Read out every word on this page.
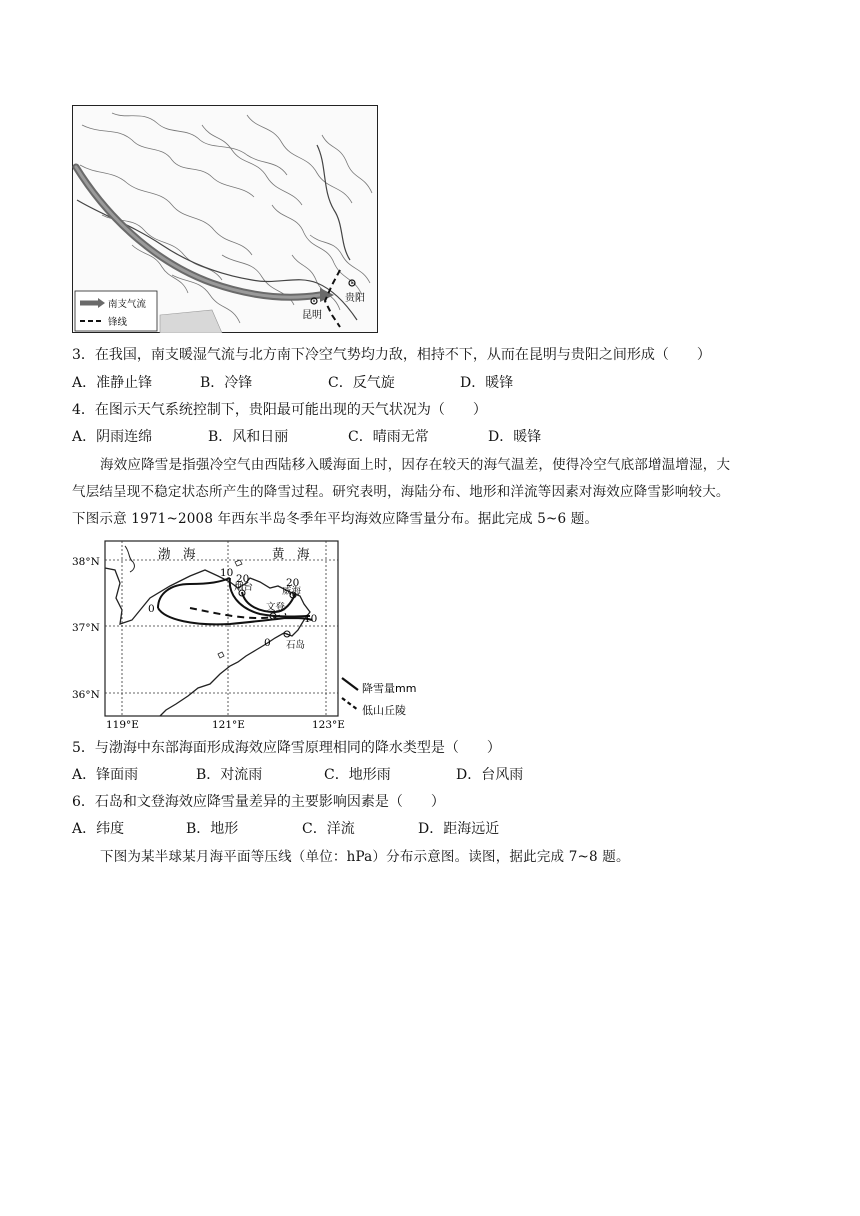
昆明
贵阳
南支气流
锋线
3．在我国，南支暖湿气流与北方南下冷空气势均力敌，相持不下，从而在昆明与贵阳之间形成（　　）
A．准静止锋	B．冷锋	C．反气旋	D．暖锋
4．在图示天气系统控制下，贵阳最可能出现的天气状况为（　　）
A．阴雨连绵	B．风和日丽	C．晴雨无常	D．暖锋
海效应降雪是指强冷空气由西陆移入暖海面上时，因存在较天的海气温差，使得冷空气底部增温增湿，大
气层结呈现不稳定状态所产生的降雪过程。研究表明，海陆分布、地形和洋流等因素对海效应降雪影响较大。
下图示意 1971~2008 年西东半岛冬季年平均海效应降雪量分布。据此完成 5~6 题。
烟台	威海
文登
石岛
10 20	20
0
0
10
渤　海	黄　海
38°N
37°N
36°N
119°E	121°E	123°E
降雪量mm
低山丘陵
5．与渤海中东部海面形成海效应降雪原理相同的降水类型是（　　）
A．锋面雨	B．对流雨	C．地形雨	D．台风雨
6．石岛和文登海效应降雪量差异的主要影响因素是（　　）
A．纬度	B．地形	C．洋流	D．距海远近
下图为某半球某月海平面等压线（单位：hPa）分布示意图。读图，据此完成 7~8 题。
